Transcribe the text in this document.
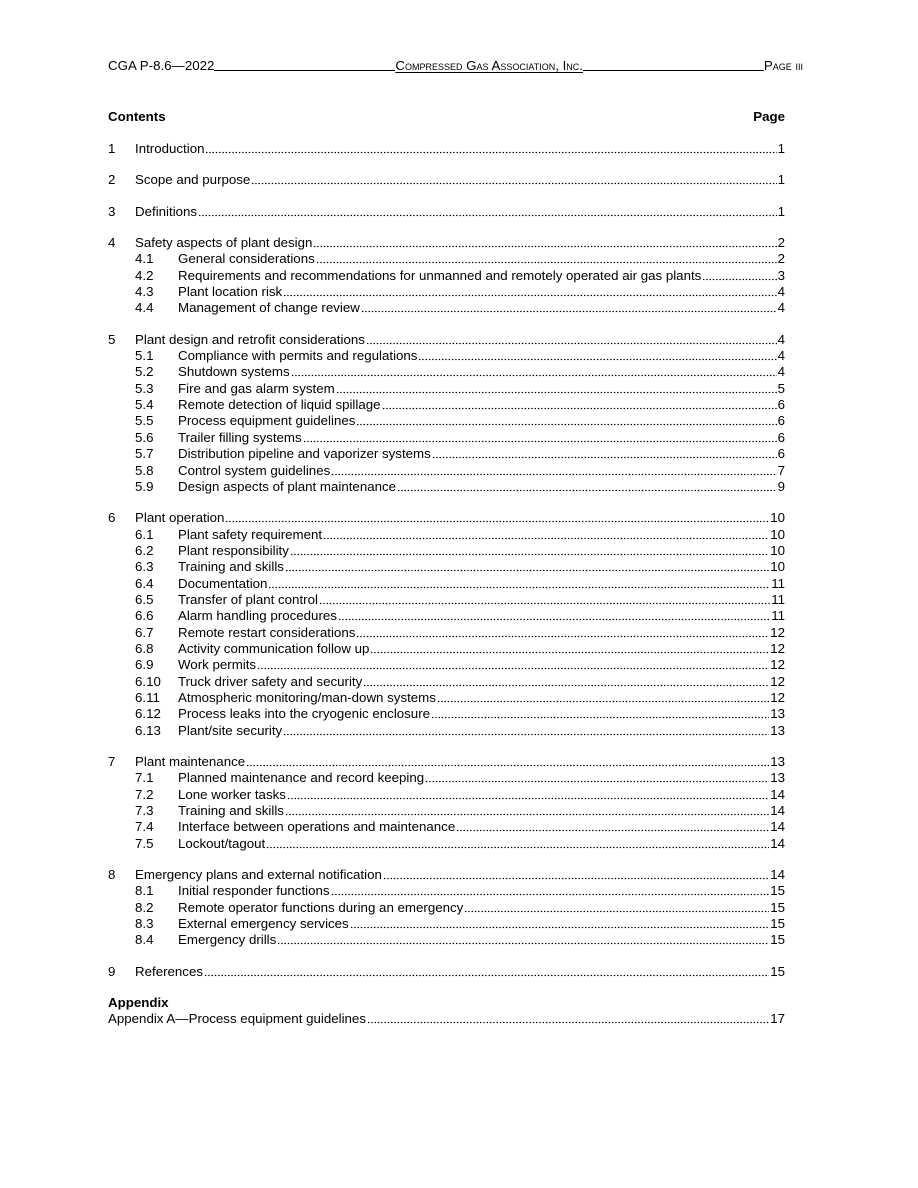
CGA P-8.6—2022	Compressed Gas Association, Inc.	Page iii
Contents	Page
1	Introduction	1
2	Scope and purpose	1
3	Definitions	1
4	Safety aspects of plant design	2
4.1	General considerations	2
4.2	Requirements and recommendations for unmanned and remotely operated air gas plants	3
4.3	Plant location risk	4
4.4	Management of change review	4
5	Plant design and retrofit considerations	4
5.1	Compliance with permits and regulations	4
5.2	Shutdown systems	4
5.3	Fire and gas alarm system	5
5.4	Remote detection of liquid spillage	6
5.5	Process equipment guidelines	6
5.6	Trailer filling systems	6
5.7	Distribution pipeline and vaporizer systems	6
5.8	Control system guidelines	7
5.9	Design aspects of plant maintenance	9
6	Plant operation	10
6.1	Plant safety requirement	10
6.2	Plant responsibility	10
6.3	Training and skills	10
6.4	Documentation	11
6.5	Transfer of plant control	11
6.6	Alarm handling procedures	11
6.7	Remote restart considerations	12
6.8	Activity communication follow up	12
6.9	Work permits	12
6.10	Truck driver safety and security	12
6.11	Atmospheric monitoring/man-down systems	12
6.12	Process leaks into the cryogenic enclosure	13
6.13	Plant/site security	13
7	Plant maintenance	13
7.1	Planned maintenance and record keeping	13
7.2	Lone worker tasks	14
7.3	Training and skills	14
7.4	Interface between operations and maintenance	14
7.5	Lockout/tagout	14
8	Emergency plans and external notification	14
8.1	Initial responder functions	15
8.2	Remote operator functions during an emergency	15
8.3	External emergency services	15
8.4	Emergency drills	15
9	References	15
Appendix
Appendix A—Process equipment guidelines	17
